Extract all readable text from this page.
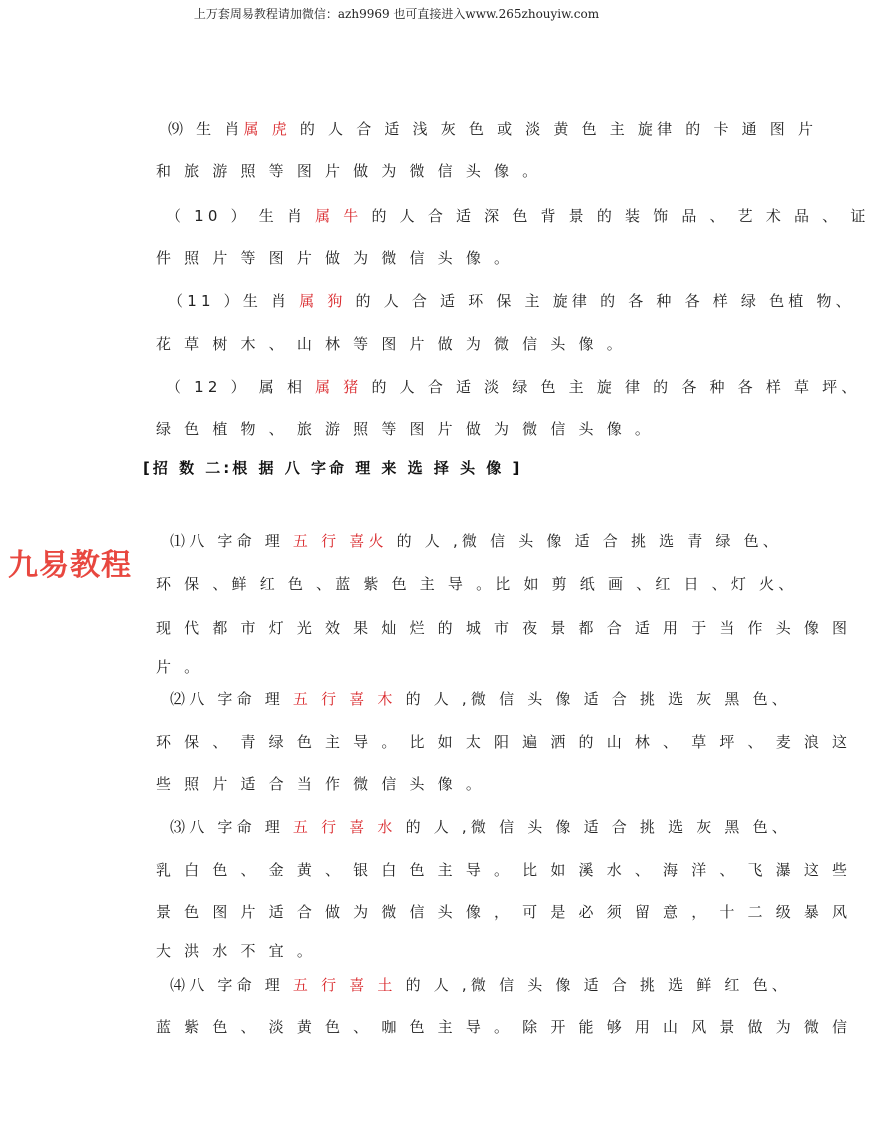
上万套周易教程请加微信：azh9969 也可直接进入www.265zhouyiw.com
九易教程
[招 数 二:根 据 八 字命 理 来 选 择 头 像 ]
⑼ 生 肖属 虎 的 人 合 适 浅 灰 色 或 淡 黄 色 主 旋律 的 卡 通 图 片
和 旅 游 照 等 图 片 做 为 微 信 头 像 。
（ 10 ） 生 肖 属 牛 的 人 合 适 深 色 背 景 的 装 饰 品 、 艺 术 品 、 证
件 照 片 等 图 片 做 为 微 信 头 像 。
（11 ）生 肖 属 狗 的 人 合 适 环 保 主 旋律 的 各 种 各 样 绿 色植 物、
花 草 树 木 、 山 林 等 图 片 做 为 微 信 头 像 。
（ 12 ） 属 相 属 猪 的 人 合 适 淡 绿 色 主 旋 律 的 各 种 各 样 草 坪、
绿 色 植 物 、 旅 游 照 等 图 片 做 为 微 信 头 像 。
⑴八 字命 理 五 行 喜火 的 人 ,微 信 头 像 适 合 挑 选 青 绿 色、
环 保 、鲜 红 色 、蓝 紫 色 主 导 。比 如 剪 纸 画 、红 日 、灯 火、
现 代 都 市 灯 光 效 果 灿 烂 的 城 市 夜 景 都 合 适 用 于 当 作 头 像 图
片 。
⑵八 字命 理 五 行 喜 木 的 人 ,微 信 头 像 适 合 挑 选 灰 黑 色、
环 保 、 青 绿 色 主 导 。 比 如 太 阳 遍 洒 的 山 林 、 草 坪 、 麦 浪 这
些 照 片 适 合 当 作 微 信 头 像 。
⑶八 字命 理 五 行 喜 水 的 人 ,微 信 头 像 适 合 挑 选 灰 黑 色、
乳 白 色 、 金 黄 、 银 白 色 主 导 。 比 如 溪 水 、 海 洋 、 飞 瀑 这 些
景 色 图 片 适 合 做 为 微 信 头 像 ， 可 是 必 须 留 意 ， 十 二 级 暴 风
大 洪 水 不 宜 。
⑷八 字命 理 五 行 喜 土 的 人 ,微 信 头 像 适 合 挑 选 鲜 红 色、
蓝 紫 色 、 淡 黄 色 、 咖 色 主 导 。 除 开 能 够 用 山 风 景 做 为 微 信
